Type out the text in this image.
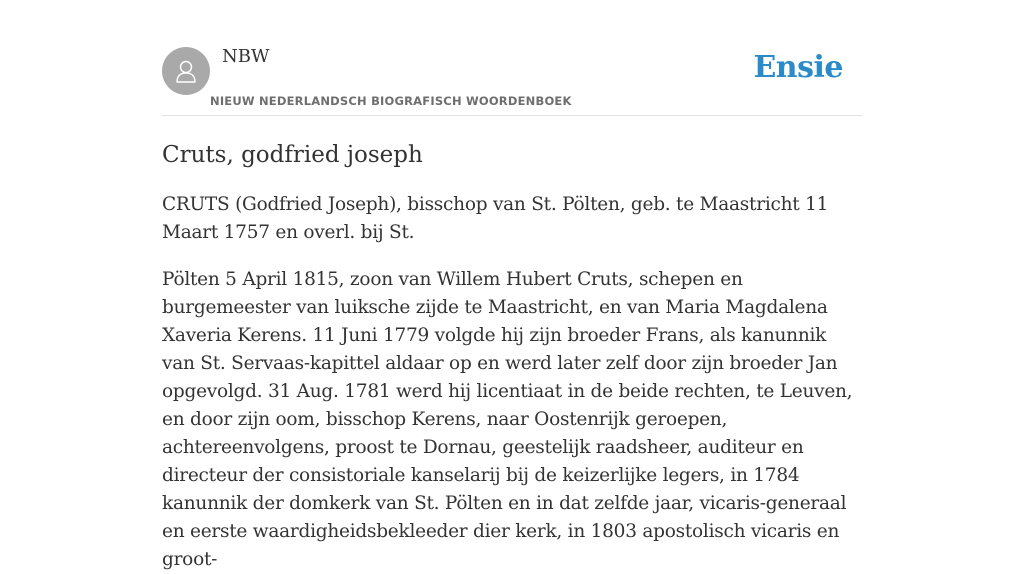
NBW
NIEUW NEDERLANDSCH BIOGRAFISCH WOORDENBOEK
Ensie
Cruts, godfried joseph

CRUTS (Godfried Joseph), bisschop van St. Pölten, geb. te Maastricht 11 Maart 1757 en overl. bij St.

Pölten 5 April 1815, zoon van Willem Hubert Cruts, schepen en burgemeester van luiksche zijde te Maastricht, en van Maria Magdalena Xaveria Kerens. 11 Juni 1779 volgde hij zijn broeder Frans, als kanunnik van St. Servaas-kapittel aldaar op en werd later zelf door zijn broeder Jan opgevolgd. 31 Aug. 1781 werd hij licentiaat in de beide rechten, te Leuven, en door zijn oom, bisschop Kerens, naar Oostenrijk geroepen, achtereenvolgens, proost te Dornau, geestelijk raadsheer, auditeur en directeur der consistoriale kanselarij bij de keizerlijke legers, in 1784 kanunnik der domkerk van St. Pölten en in dat zelfde jaar, vicaris-generaal en eerste waardigheidsbekleeder dier kerk, in 1803 apostolisch vicaris en groot-
